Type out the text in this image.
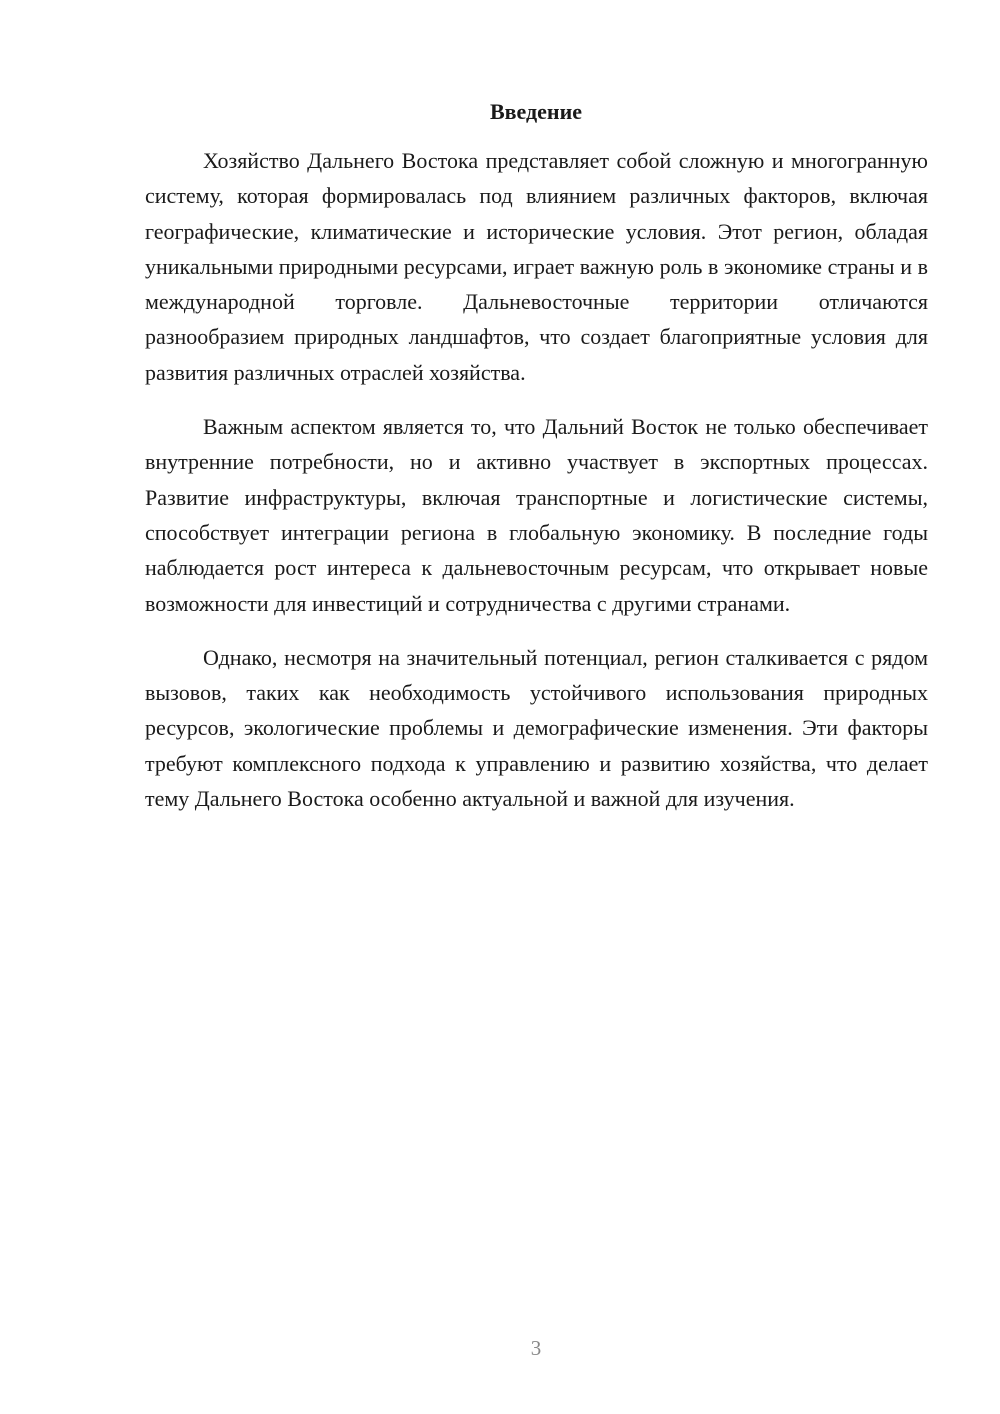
Введение

Хозяйство Дальнего Востока представляет собой сложную и многогранную систему, которая формировалась под влиянием различных факторов, включая географические, климатические и исторические условия. Этот регион, обладая уникальными природными ресурсами, играет важную роль в экономике страны и в международной торговле. Дальневосточные территории отличаются разнообразием природных ландшафтов, что создает благоприятные условия для развития различных отраслей хозяйства.

Важным аспектом является то, что Дальний Восток не только обеспечивает внутренние потребности, но и активно участвует в экспортных процессах. Развитие инфраструктуры, включая транспортные и логистические системы, способствует интеграции региона в глобальную экономику. В последние годы наблюдается рост интереса к дальневосточным ресурсам, что открывает новые возможности для инвестиций и сотрудничества с другими странами.

Однако, несмотря на значительный потенциал, регион сталкивается с рядом вызовов, таких как необходимость устойчивого использования природных ресурсов, экологические проблемы и демографические изменения. Эти факторы требуют комплексного подхода к управлению и развитию хозяйства, что делает тему Дальнего Востока особенно актуальной и важной для изучения.

3
